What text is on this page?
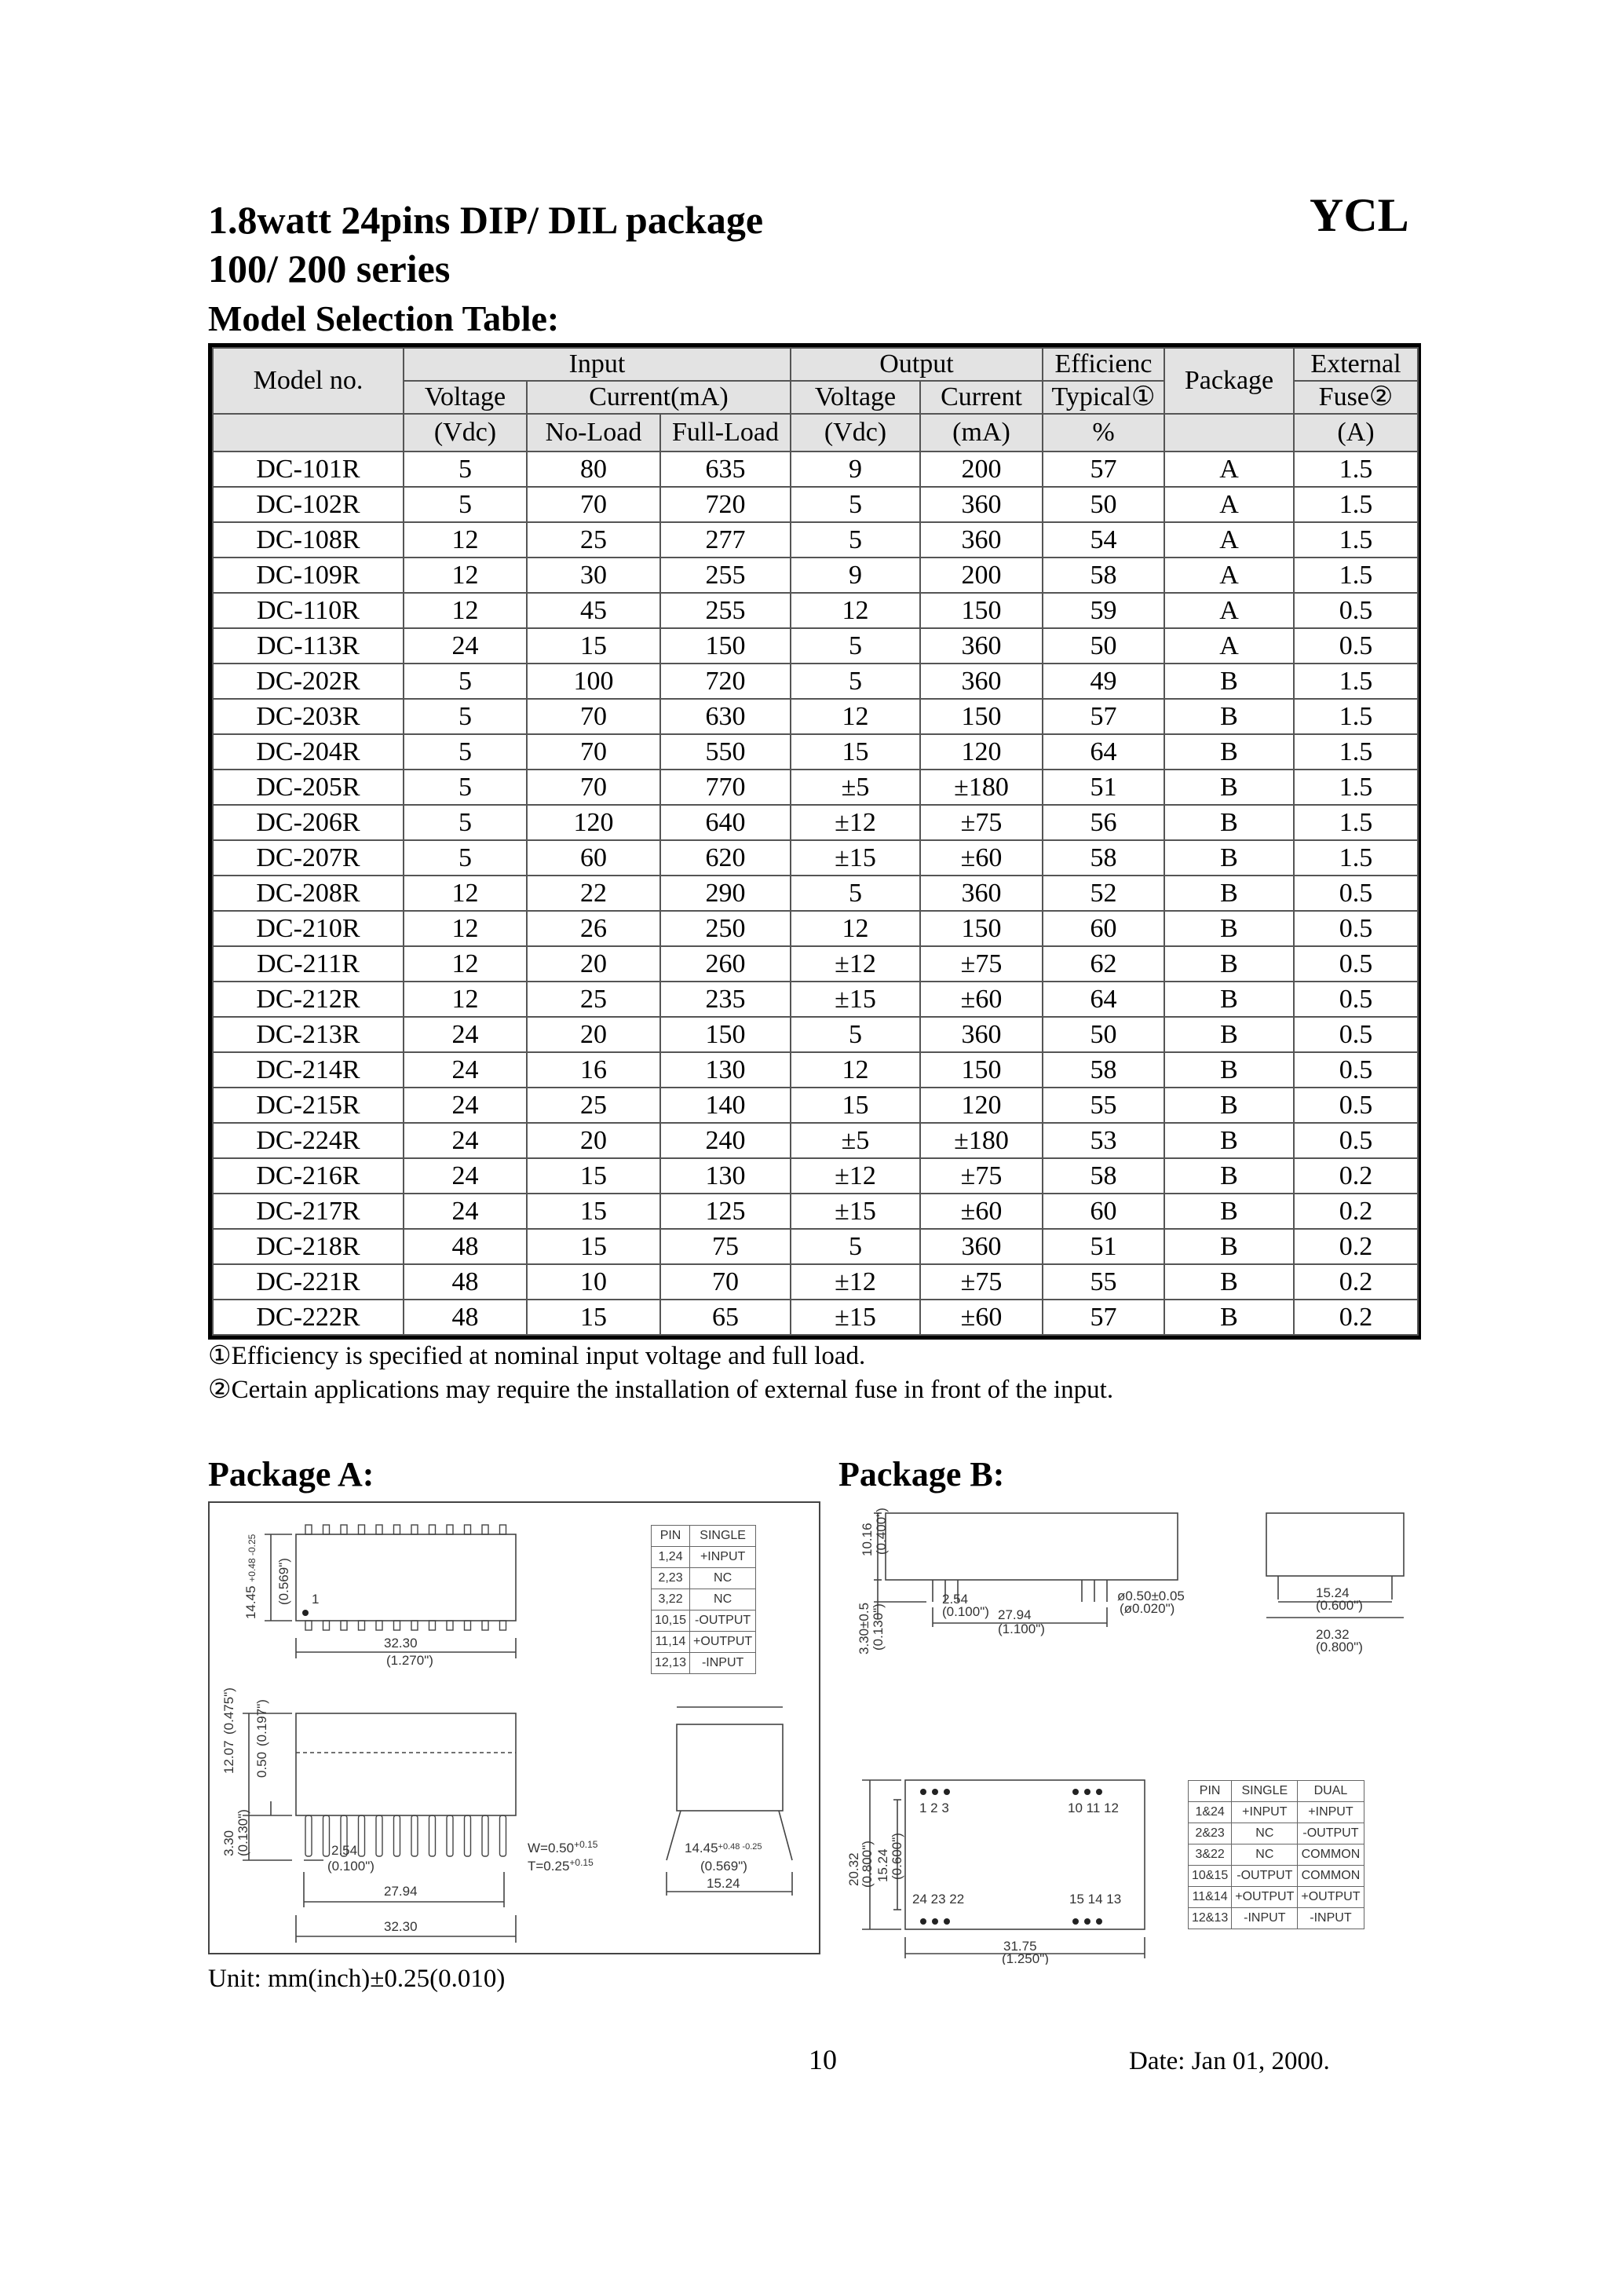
1.8watt 24pins DIP/ DIL package
100/ 200 series
YCL
Model Selection Table:
Model no.	Input			Output		Efficienc	Package	External
	Voltage	Current(mA)		Voltage	Current	Typical①		Fuse②
	(Vdc)	No-Load	Full-Load	(Vdc)	(mA)	%		(A)
DC-101R	5	80	635	9	200	57	A	1.5
DC-102R	5	70	720	5	360	50	A	1.5
DC-108R	12	25	277	5	360	54	A	1.5
DC-109R	12	30	255	9	200	58	A	1.5
DC-110R	12	45	255	12	150	59	A	0.5
DC-113R	24	15	150	5	360	50	A	0.5
DC-202R	5	100	720	5	360	49	B	1.5
DC-203R	5	70	630	12	150	57	B	1.5
DC-204R	5	70	550	15	120	64	B	1.5
DC-205R	5	70	770	±5	±180	51	B	1.5
DC-206R	5	120	640	±12	±75	56	B	1.5
DC-207R	5	60	620	±15	±60	58	B	1.5
DC-208R	12	22	290	5	360	52	B	0.5
DC-210R	12	26	250	12	150	60	B	0.5
DC-211R	12	20	260	±12	±75	62	B	0.5
DC-212R	12	25	235	±15	±60	64	B	0.5
DC-213R	24	20	150	5	360	50	B	0.5
DC-214R	24	16	130	12	150	58	B	0.5
DC-215R	24	25	140	15	120	55	B	0.5
DC-224R	24	20	240	±5	±180	53	B	0.5
DC-216R	24	15	130	±12	±75	58	B	0.2
DC-217R	24	15	125	±15	±60	60	B	0.2
DC-218R	48	15	75	5	360	51	B	0.2
DC-221R	48	10	70	±12	±75	55	B	0.2
DC-222R	48	15	65	±15	±60	57	B	0.2
①Efficiency is specified at nominal input voltage and full load.
②Certain applications may require the installation of external fuse in front of the input.
Package A:
14.45 +0.48 -0.25 (0.569") 1
32.30
(1.270")
12.07
(0.475")
0.50
(0.197")
3.30 (0.130")	2.54
(0.100")
27.94
32.30
$W=0.50^{+0.15}$
$T=0.25^{+0.15}$
$14.45^{+0.48 -0.25}$
(0.569")
15.24
PIN	SINGLE
1,24	+INPUT
2,23	NC
3,22	NC
10,15	-OUTPUT
11,14	+OUTPUT
12,13	-INPUT
Package B:
10.16 (0.400")
3.30±0.5 (0.130")
2.54
(0.100") 27.94
(1.100")
ø0.50±0.05
(ø0.020")
15.24
(0.600")
20.32
(0.800")
20.32
(0.800") 15.24 (0.600")
1 2 3	10 11 12
24 23 22	15 14 13
31.75
(1.250")
PIN	SINGLE	DUAL
1&24	+INPUT	+INPUT
2&23	NC	-OUTPUT
3&22	NC	COMMON
10&15	-OUTPUT	COMMON
11&14	+OUTPUT	+OUTPUT
12&13	-INPUT	-INPUT
Unit: mm(inch)±0.25(0.010)
10	Date: Jan 01, 2000.
